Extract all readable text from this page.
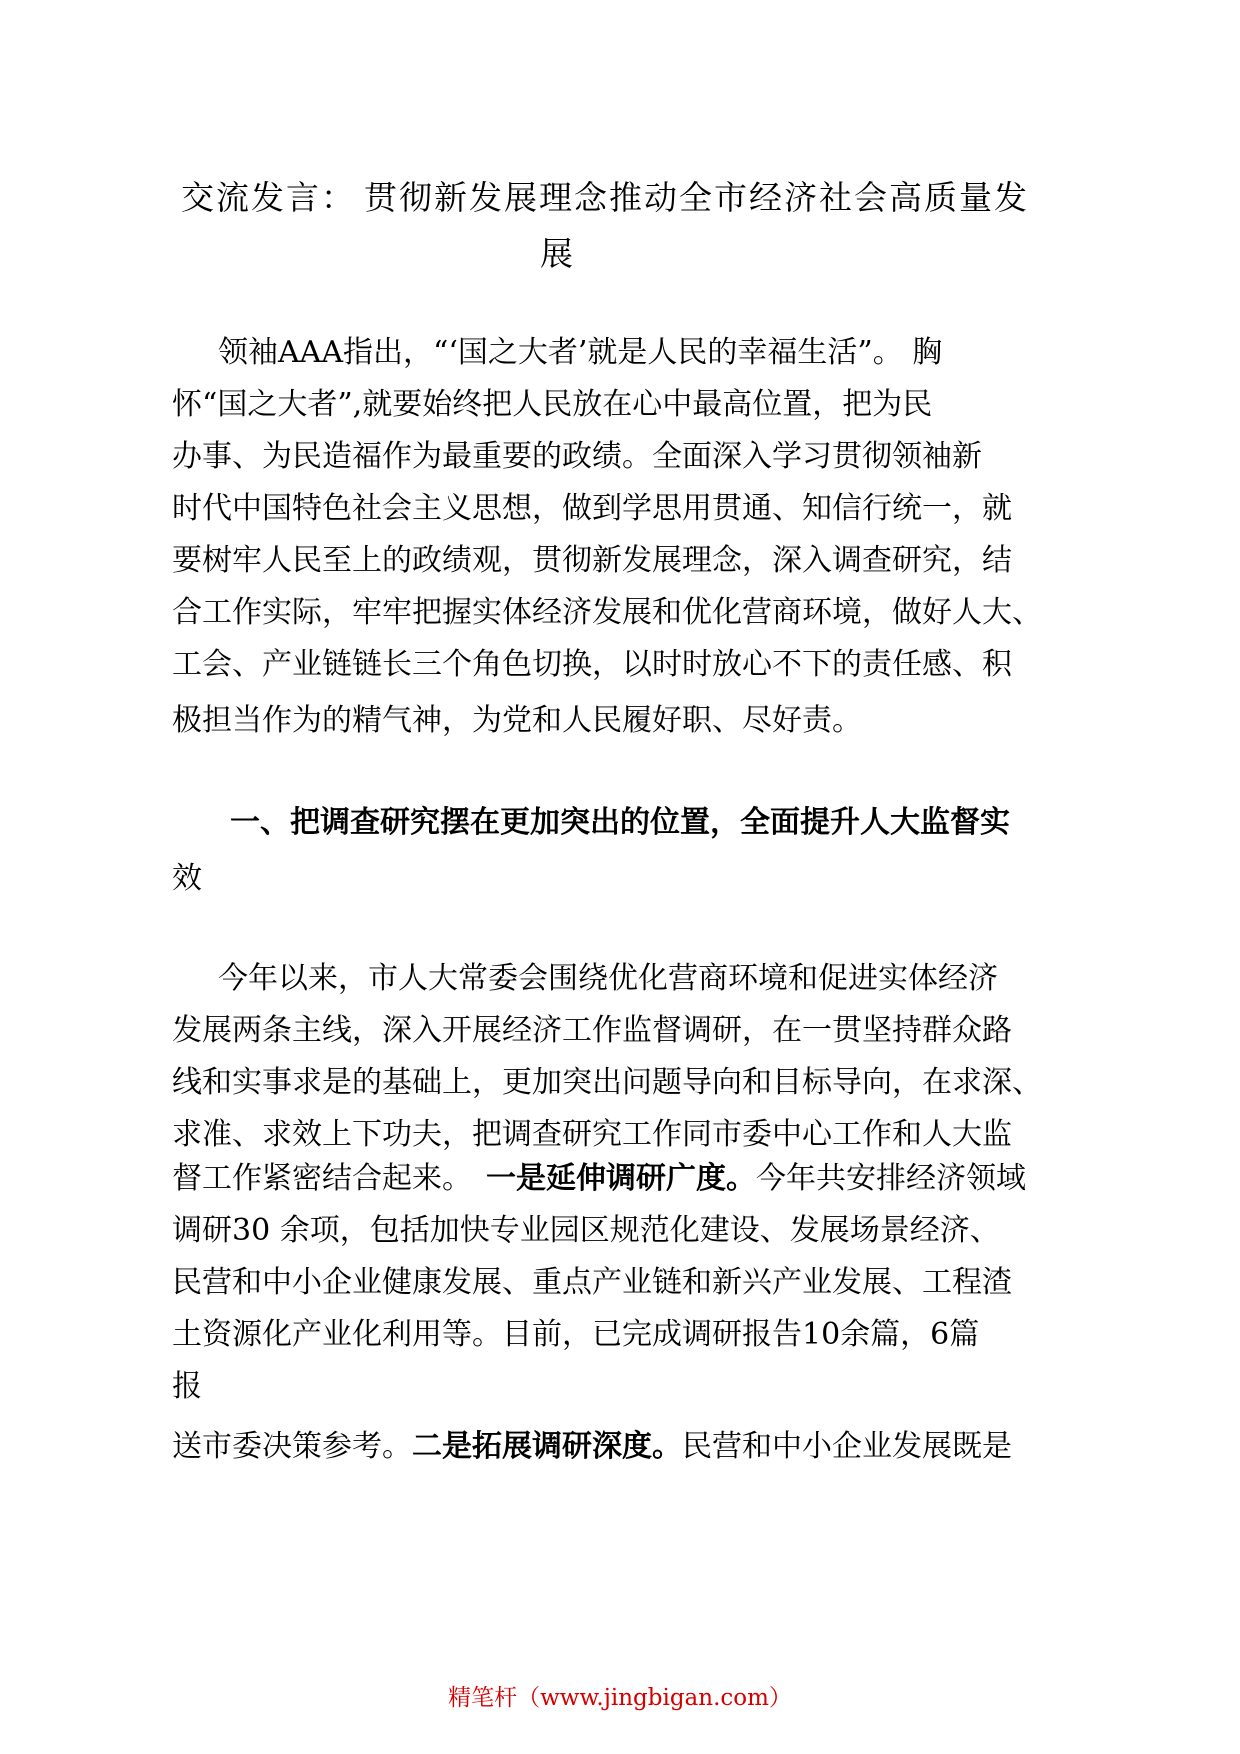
交流发言： 贯彻新发展理念推动全市经济社会高质量发
展
领袖AAA指出，“‘国之大者’就是人民的幸福生活”。 胸
怀“国之大者”,就要始终把人民放在心中最高位置，把为民
办事、为民造福作为最重要的政绩。全面深入学习贯彻领袖新
时代中国特色社会主义思想，做到学思用贯通、知信行统一，就
要树牢人民至上的政绩观，贯彻新发展理念，深入调查研究，结
合工作实际，牢牢把握实体经济发展和优化营商环境，做好人大、
工会、产业链链长三个角色切换，以时时放心不下的责任感、积
极担当作为的精气神，为党和人民履好职、尽好责。
一、把调查研究摆在更加突出的位置，全面提升人大监督实
效
今年以来，市人大常委会围绕优化营商环境和促进实体经济
发展两条主线，深入开展经济工作监督调研，在一贯坚持群众路
线和实事求是的基础上，更加突出问题导向和目标导向，在求深、
求准、求效上下功夫，把调查研究工作同市委中心工作和人大监
督工作紧密结合起来。 一是延伸调研广度。今年共安排经济领域
调研30 余项，包括加快专业园区规范化建设、发展场景经济、
民营和中小企业健康发展、重点产业链和新兴产业发展、工程渣
土资源化产业化利用等。目前，已完成调研报告10余篇，6篇
报
送市委决策参考。二是拓展调研深度。民营和中小企业发展既是
精笔杆（www.jingbigan.com）
